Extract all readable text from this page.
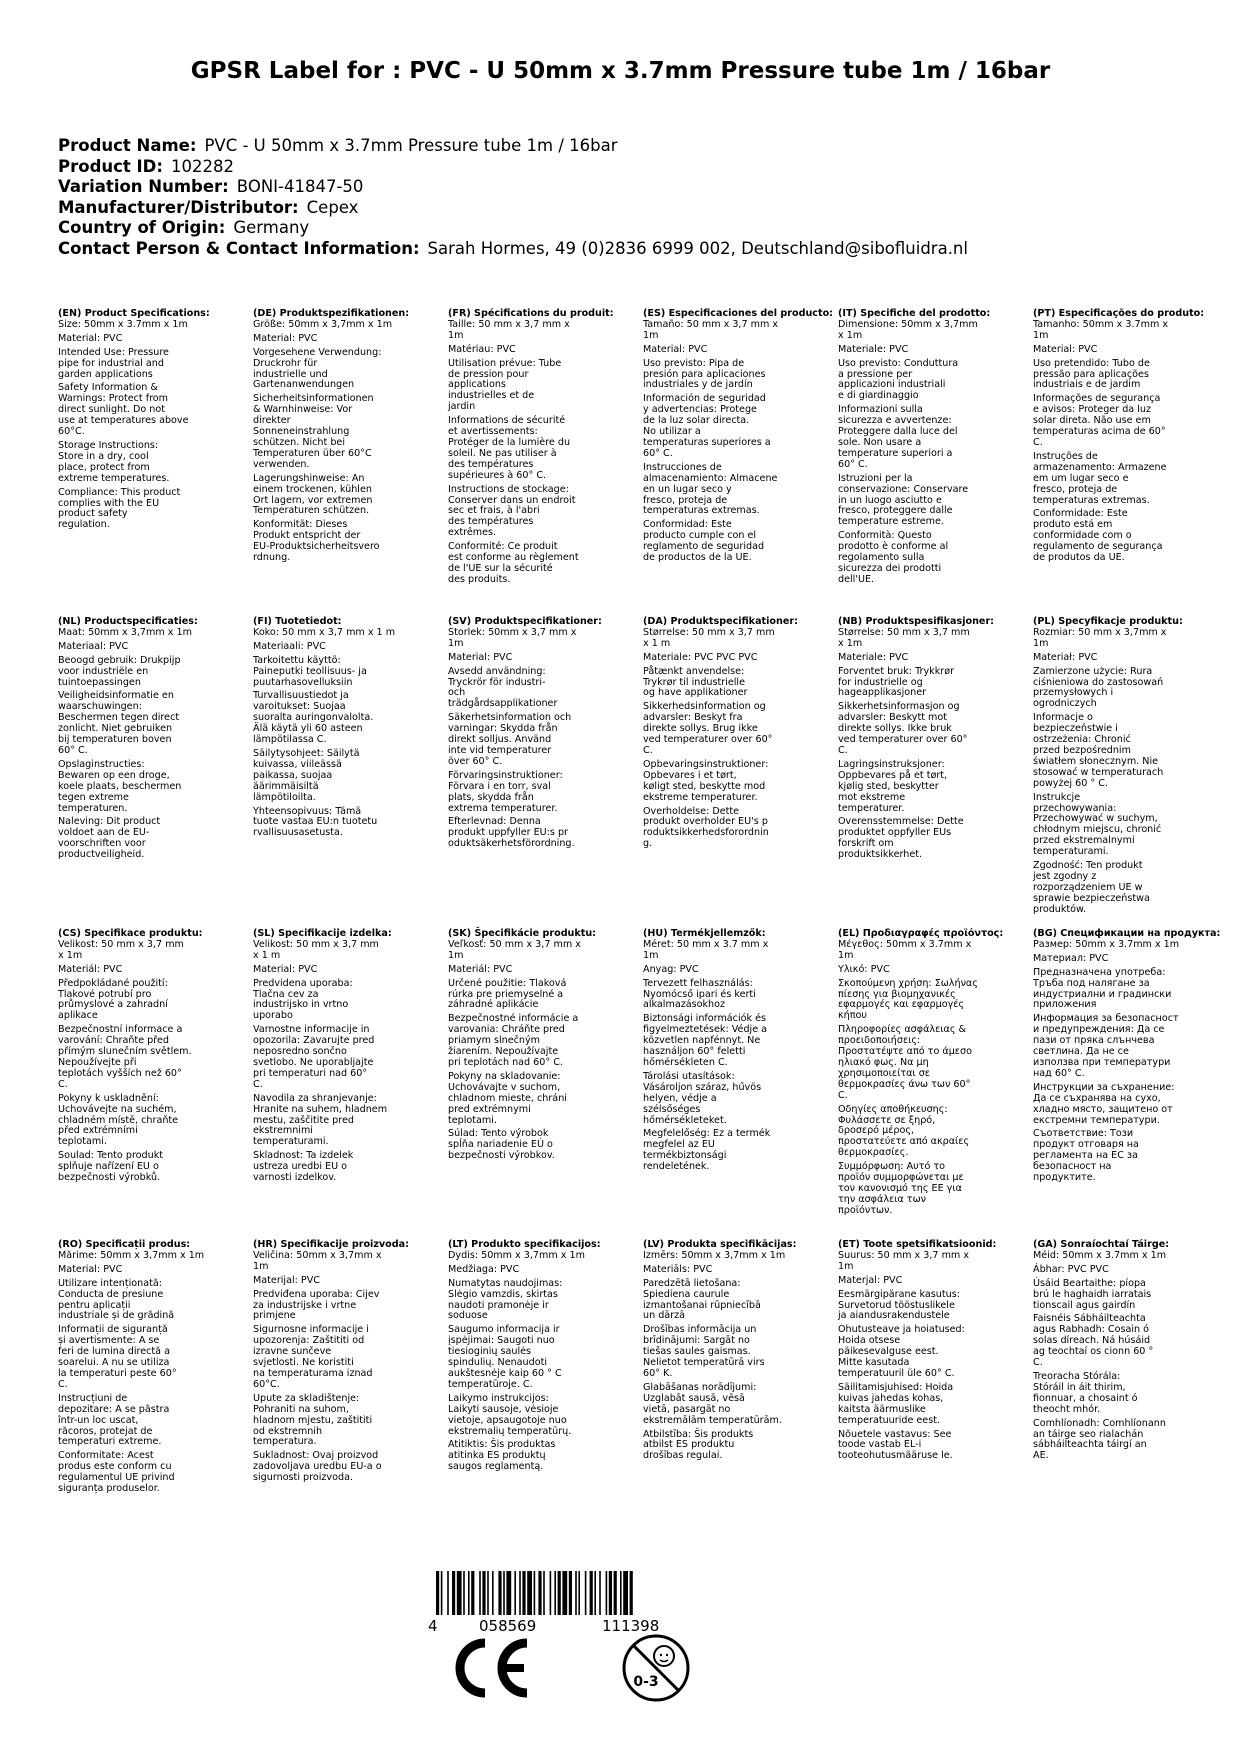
GPSR Label for : PVC - U 50mm x 3.7mm Pressure tube 1m / 16bar
Product Name: PVC - U 50mm x 3.7mm Pressure tube 1m / 16bar
Product ID: 102282
Variation Number: BONI-41847-50
Manufacturer/Distributor: Cepex
Country of Origin: Germany
Contact Person & Contact Information: Sarah Hormes, 49 (0)2836 6999 002, Deutschland@sibofluidra.nl
(EN) Product Specifications:
Size: 50mm x 3.7mm x 1m
Material: PVC
Intended Use: Pressure
pipe for industrial and
garden applications
Safety Information &
Warnings: Protect from
direct sunlight. Do not
use at temperatures above
60°C.
Storage Instructions:
Store in a dry, cool
place, protect from
extreme temperatures.
Compliance: This product
complies with the EU
product safety
regulation.
(DE) Produktspezifikationen:
Größe: 50mm x 3,7mm x 1m
Material: PVC
Vorgesehene Verwendung:
Druckrohr für
industrielle und
Gartenanwendungen
Sicherheitsinformationen
& Warnhinweise: Vor
direkter
Sonneneinstrahlung
schützen. Nicht bei
Temperaturen über 60°C
verwenden.
Lagerungshinweise: An
einem trockenen, kühlen
Ort lagern, vor extremen
Temperaturen schützen.
Konformität: Dieses
Produkt entspricht der
EU-Produktsicherheitsvero
rdnung.
(FR) Spécifications du produit:
Taille: 50 mm x 3,7 mm x
1m
Matériau: PVC
Utilisation prévue: Tube
de pression pour
applications
industrielles et de
jardin
Informations de sécurité
et avertissements:
Protéger de la lumière du
soleil. Ne pas utiliser à
des températures
supérieures à 60° C.
Instructions de stockage:
Conserver dans un endroit
sec et frais, à l'abri
des températures
extrêmes.
Conformité: Ce produit
est conforme au règlement
de l'UE sur la sécurité
des produits.
(ES) Especificaciones del producto:
Tamaño: 50 mm x 3,7 mm x
1m
Material: PVC
Uso previsto: Pipa de
presión para aplicaciones
industriales y de jardín
Información de seguridad
y advertencias: Protege
de la luz solar directa.
No utilizar a
temperaturas superiores a
60° C.
Instrucciones de
almacenamiento: Almacene
en un lugar seco y
fresco, proteja de
temperaturas extremas.
Conformidad: Este
producto cumple con el
reglamento de seguridad
de productos de la UE.
(IT) Specifiche del prodotto:
Dimensione: 50mm x 3,7mm
x 1m
Materiale: PVC
Uso previsto: Conduttura
a pressione per
applicazioni industriali
e di giardinaggio
Informazioni sulla
sicurezza e avvertenze:
Proteggere dalla luce del
sole. Non usare a
temperature superiori a
60° C.
Istruzioni per la
conservazione: Conservare
in un luogo asciutto e
fresco, proteggere dalle
temperature estreme.
Conformità: Questo
prodotto è conforme al
regolamento sulla
sicurezza dei prodotti
dell'UE.
(PT) Especificações do produto:
Tamanho: 50mm x 3.7mm x
1m
Material: PVC
Uso pretendido: Tubo de
pressão para aplicações
industriais e de jardim
Informações de segurança
e avisos: Proteger da luz
solar direta. Não use em
temperaturas acima de 60°
C.
Instruções de
armazenamento: Armazene
em um lugar seco e
fresco, proteja de
temperaturas extremas.
Conformidade: Este
produto está em
conformidade com o
regulamento de segurança
de produtos da UE.
(NL) Productspecificaties:
Maat: 50mm x 3,7mm x 1m
Materiaal: PVC
Beoogd gebruik: Drukpijp
voor industriële en
tuintoepassingen
Veiligheidsinformatie en
waarschuwingen:
Beschermen tegen direct
zonlicht. Niet gebruiken
bij temperaturen boven
60° C.
Opslaginstructies:
Bewaren op een droge,
koele plaats, beschermen
tegen extreme
temperaturen.
Naleving: Dit product
voldoet aan de EU-
voorschriften voor
productveiligheid.
(FI) Tuotetiedot:
Koko: 50 mm x 3,7 mm x 1 m
Materiaali: PVC
Tarkoitettu käyttö:
Paineputki teollisuus- ja
puutarhasovelluksiin
Turvallisuustiedot ja
varoitukset: Suojaa
suoralta auringonvalolta.
Älä käytä yli 60 asteen
lämpötilassa C.
Säilytysohjeet: Säilytä
kuivassa, viileässä
paikassa, suojaa
äärimmäisiltä
lämpötiloilta.
Yhteensopivuus: Tämä
tuote vastaa EU:n tuotetu
rvallisuusasetusta.
(SV) Produktspecifikationer:
Storlek: 50mm x 3,7 mm x
1m
Material: PVC
Avsedd användning:
Tryckrör för industri-
och
trädgårdsapplikationer
Säkerhetsinformation och
varningar: Skydda från
direkt solljus. Använd
inte vid temperaturer
över 60° C.
Förvaringsinstruktioner:
Förvara i en torr, sval
plats, skydda från
extrema temperaturer.
Efterlevnad: Denna
produkt uppfyller EU:s pr
oduktsäkerhetsförordning.
(DA) Produktspecifikationer:
Størrelse: 50 mm x 3,7 mm
x 1 m
Materiale: PVC PVC PVC
Påtænkt anvendelse:
Trykrør til industrielle
og have applikationer
Sikkerhedsinformation og
advarsler: Beskyt fra
direkte sollys. Brug ikke
ved temperaturer over 60°
C.
Opbevaringsinstruktioner:
Opbevares i et tørt,
køligt sted, beskytte mod
ekstreme temperaturer.
Overholdelse: Dette
produkt overholder EU's p
roduktsikkerhedsforordnin
g.
(NB) Produktspesifikasjoner:
Størrelse: 50 mm x 3,7 mm
x 1m
Materiale: PVC
Forventet bruk: Trykkrør
for industrielle og
hageapplikasjoner
Sikkerhetsinformasjon og
advarsler: Beskytt mot
direkte sollys. Ikke bruk
ved temperaturer over 60°
C.
Lagringsinstruksjoner:
Oppbevares på et tørt,
kjølig sted, beskytter
mot ekstreme
temperaturer.
Overensstemmelse: Dette
produktet oppfyller EUs
forskrift om
produktsikkerhet.
(PL) Specyfikacje produktu:
Rozmiar: 50 mm x 3,7mm x
1m
Materiał: PVC
Zamierzone użycie: Rura
ciśnieniowa do zastosowań
przemysłowych i
ogrodniczych
Informacje o
bezpieczeństwie i
ostrzeżenia: Chronić
przed bezpośrednim
światłem słonecznym. Nie
stosować w temperaturach
powyżej 60 ° C.
Instrukcje
przechowywania:
Przechowywać w suchym,
chłodnym miejscu, chronić
przed ekstremalnymi
temperaturami.
Zgodność: Ten produkt
jest zgodny z
rozporządzeniem UE w
sprawie bezpieczeństwa
produktów.
(CS) Specifikace produktu:
Velikost: 50 mm x 3,7 mm
x 1m
Materiál: PVC
Předpokládané použití:
Tlakové potrubí pro
průmyslové a zahradní
aplikace
Bezpečnostní informace a
varování: Chraňte před
přímým slunečním světlem.
Nepoužívejte při
teplotách vyšších než 60°
C.
Pokyny k uskladnění:
Uchovávejte na suchém,
chladném místě, chraňte
před extrémními
teplotami.
Soulad: Tento produkt
splňuje nařízení EU o
bezpečnosti výrobků.
(SL) Specifikacije izdelka:
Velikost: 50 mm x 3,7 mm
x 1 m
Material: PVC
Predvidena uporaba:
Tlačna cev za
industrijsko in vrtno
uporabo
Varnostne informacije in
opozorila: Zavarujte pred
neposredno sončno
svetlobo. Ne uporabljajte
pri temperaturi nad 60°
C.
Navodila za shranjevanje:
Hranite na suhem, hladnem
mestu, zaščitite pred
ekstremnimi
temperaturami.
Skladnost: Ta izdelek
ustreza uredbi EU o
varnosti izdelkov.
(SK) Špecifikácie produktu:
Veľkosť: 50 mm x 3,7 mm x
1m
Materiál: PVC
Určené použitie: Tlaková
rúrka pre priemyselné a
záhradné aplikácie
Bezpečnostné informácie a
varovania: Chráňte pred
priamym slnečným
žiarením. Nepoužívajte
pri teplotách nad 60° C.
Pokyny na skladovanie:
Uchovávajte v suchom,
chladnom mieste, chráni
pred extrémnymi
teplotami.
Súlad: Tento výrobok
spĺňa nariadenie EÚ o
bezpečnosti výrobkov.
(HU) Termékjellemzők:
Méret: 50 mm x 3.7 mm x
1m
Anyag: PVC
Tervezett felhasználás:
Nyomócső ipari és kerti
alkalmazásokhoz
Biztonsági információk és
figyelmeztetések: Védje a
közvetlen napfénnyt. Ne
használjon 60° feletti
hőmérsékleten C.
Tárolási utasítások:
Vásároljon száraz, hűvös
helyen, védje a
szélsőséges
hőmérsékleteket.
Megfelelőség: Ez a termék
megfelel az EU
termékbiztonsági
rendeletének.
(EL) Προδιαγραφές προϊόντος:
Μέγεθος: 50mm x 3.7mm x
1m
Υλικό: PVC
Σκοπούμενη χρήση: Σωλήνας
πίεσης για βιομηχανικές
εφαρμογές και εφαρμογές
κήπου
Πληροφορίες ασφάλειας &
προειδοποιήσεις:
Προστατέψτε από το άμεσο
ηλιακό φως. Να μη
χρησιμοποιείται σε
θερμοκρασίες άνω των 60°
C.
Οδηγίες αποθήκευσης:
Φυλάσσετε σε ξηρό,
δροσερό μέρος,
προστατεύετε από ακραίες
θερμοκρασίες.
Συμμόρφωση: Αυτό το
προϊόν συμμορφώνεται με
τον κανονισμό της ΕΕ για
την ασφάλεια των
προϊόντων.
(BG) Спецификации на продукта:
Размер: 50mm x 3.7mm x 1m
Материал: PVC
Предназначена употреба:
Тръба под налягане за
индустриални и градински
приложения
Информация за безопасност
и предупреждения: Да се
пази от пряка слънчева
светлина. Да не се
използва при температури
над 60° C.
Инструкции за съхранение:
Да се съхранява на сухо,
хладно място, защитено от
екстремни температури.
Съответствие: Този
продукт отговаря на
регламента на ЕС за
безопасност на
продуктите.
(RO) Specificații produs:
Mărime: 50mm x 3,7mm x 1m
Material: PVC
Utilizare intenționată:
Conducta de presiune
pentru aplicații
industriale și de grădină
Informații de siguranță
și avertismente: A se
feri de lumina directă a
soarelui. A nu se utiliza
la temperaturi peste 60°
C.
Instrucțiuni de
depozitare: A se păstra
într-un loc uscat,
răcoros, protejat de
temperaturi extreme.
Conformitate: Acest
produs este conform cu
regulamentul UE privind
siguranța produselor.
(HR) Specifikacije proizvoda:
Veličina: 50mm x 3,7mm x
1m
Materijal: PVC
Predviđena uporaba: Cijev
za industrijske i vrtne
primjene
Sigurnosne informacije i
upozorenja: Zaštititi od
izravne sunčeve
svjetlosti. Ne koristiti
na temperaturama iznad
60°C.
Upute za skladištenje:
Pohraniti na suhom,
hladnom mjestu, zaštititi
od ekstremnih
temperatura.
Sukladnost: Ovaj proizvod
zadovoljava uredbu EU-a o
sigurnosti proizvoda.
(LT) Produkto specifikacijos:
Dydis: 50mm x 3,7mm x 1m
Medžiaga: PVC
Numatytas naudojimas:
Slėgio vamzdis, skirtas
naudoti pramonėje ir
soduose
Saugumo informacija ir
įspėjimai: Saugoti nuo
tiesioginių saulės
spindulių. Nenaudoti
aukštesnėje kaip 60 ° C
temperatūroje. C.
Laikymo instrukcijos:
Laikyti sausoje, vėsioje
vietoje, apsaugotoje nuo
ekstremalių temperatūrų.
Atitiktis: Šis produktas
atitinka ES produktų
saugos reglamentą.
(LV) Produkta specifikācijas:
Izmērs: 50mm x 3,7mm x 1m
Materiāls: PVC
Paredzētā lietošana:
Spiediena caurule
izmantošanai rūpniecībā
un dārzā
Drošības informācija un
brīdinājumi: Sargāt no
tiešas saules gaismas.
Nelietot temperatūrā virs
60° K.
Glabāšanas norādījumi:
Uzglabāt sausā, vēsā
vietā, pasargāt no
ekstremālām temperatūrām.
Atbilstība: Šis produkts
atbilst ES produktu
drošības regulai.
(ET) Toote spetsifikatsioonid:
Suurus: 50 mm x 3,7 mm x
1m
Materjal: PVC
Eesmärgipärane kasutus:
Survetorud tööstuslikele
ja aiandusrakendustele
Ohutusteave ja hoiatused:
Hoida otsese
päikesevalguse eest.
Mitte kasutada
temperatuuril üle 60° C.
Säilitamisjuhised: Hoida
kuivas jahedas kohas,
kaitsta äärmuslike
temperatuuride eest.
Nõuetele vastavus: See
toode vastab EL-i
tooteohutusmääruse le.
(GA) Sonraíochtaí Táirge:
Méid: 50mm x 3.7mm x 1m
Ábhar: PVC PVC
Úsáid Beartaithe: píopa
brú le haghaidh iarratais
tionscail agus gairdín
Faisnéis Sábháilteachta
agus Rabhadh: Cosain ó
solas díreach. Ná húsáid
ag teochtaí os cionn 60 °
C.
Treoracha Stórála:
Stóráil in áit thirim,
fionnuar, a chosaint ó
theocht mhór.
Comhlíonadh: Comhlíonann
an táirge seo rialachán
sábháilteachta táirgí an
AE.
4	058569	111398
0-3
